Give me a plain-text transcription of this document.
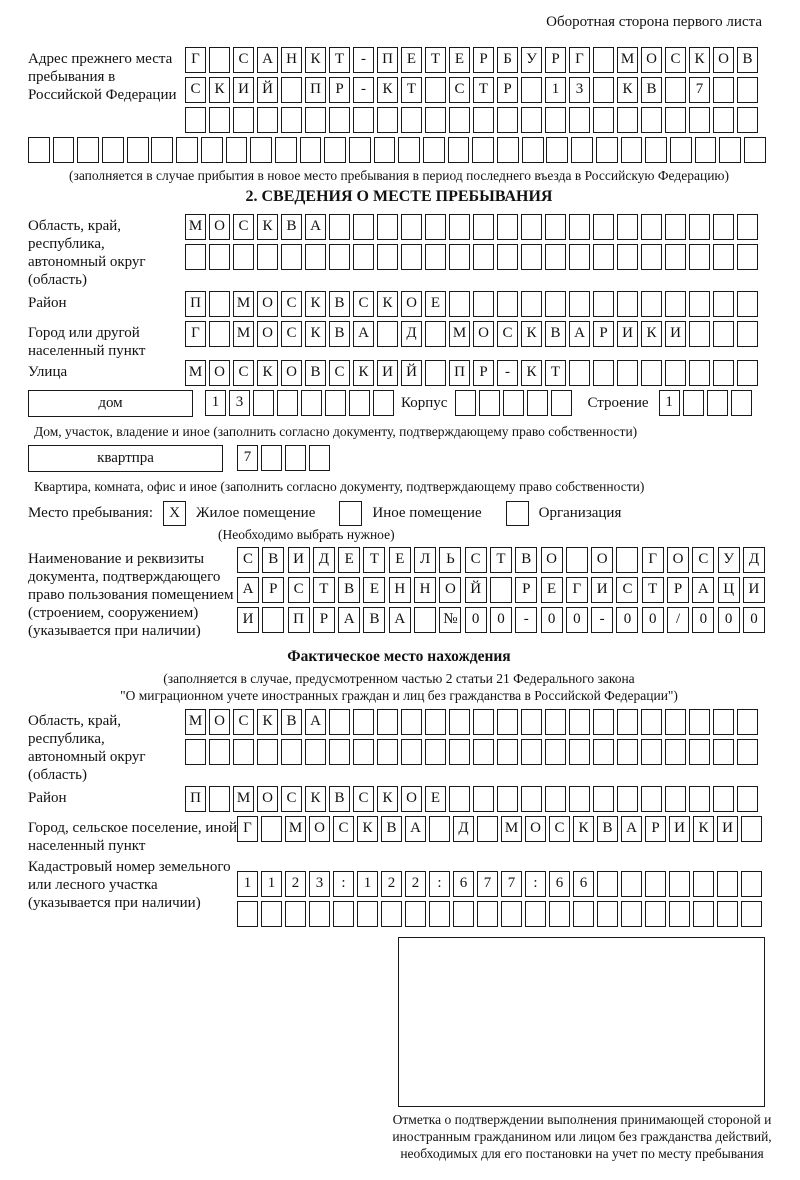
Оборотная сторона первого листа
Адрес прежнего места пребывания в Российской Федерации
Г	С А Н К Т - П Е Т Е Р Б У Р Г М О С К О В
С К И Й П Р - К Т	С Т Р	1 3	К В	7
(заполняется в случае прибытия в новое место пребывания в период последнего въезда в Российскую Федерацию)
2. СВЕДЕНИЯ О МЕСТЕ ПРЕБЫВАНИЯ
Область, край, республика, автономный округ (область)
М О С К В А
Район	П М О С К В С К О Е
Город или другой населенный пункт
Г М О С К В А Д М О С К В А Р И К И
Улица	М О С К О В С К И Й П Р - К Т
дом	1 3	Корпус	Строение	1
Дом, участок, владение и иное (заполнить согласно документу, подтверждающему право собственности)
квартпра	7
Квартира, комната, офис и иное (заполнить согласно документу, подтверждающему право собственности)
Место пребывания:	X	Жилое помещение	Иное помещение	Организация
(Необходимо выбрать нужное)
Наименование и реквизиты документа, подтверждающего право пользования помещением (строением, сооружением) (указывается при наличии)
С В И Д Е Т Е Л Ь С Т В О	О	Г О С У Д
А Р С Т В Е Н Н О Й	Р Е Г И С Т Р А Ц И
И	П Р А В А	№ 0 0 - 0 0 - 0 0 / 0 0 0
Фактическое место нахождения
(заполняется в случае, предусмотренном частью 2 статьи 21 Федерального закона
"О миграционном учете иностранных граждан и лиц без гражданства в Российской Федерации")
Область, край, республика, автономный округ (область)
М О С К В А
Район	П М О С К В С К О Е
Город, сельское поселение, иной населенный пункт
Г М О С К В А Д М О С К В А Р И К И
Кадастровый номер земельного или лесного участка (указывается при наличии)
1 1 2 3 : 1 2 2 : 6 7 7 : 6 6
Отметка о подтверждении выполнения принимающей стороной и иностранным гражданином или лицом без гражданства действий, необходимых для его постановки на учет по месту пребывания
